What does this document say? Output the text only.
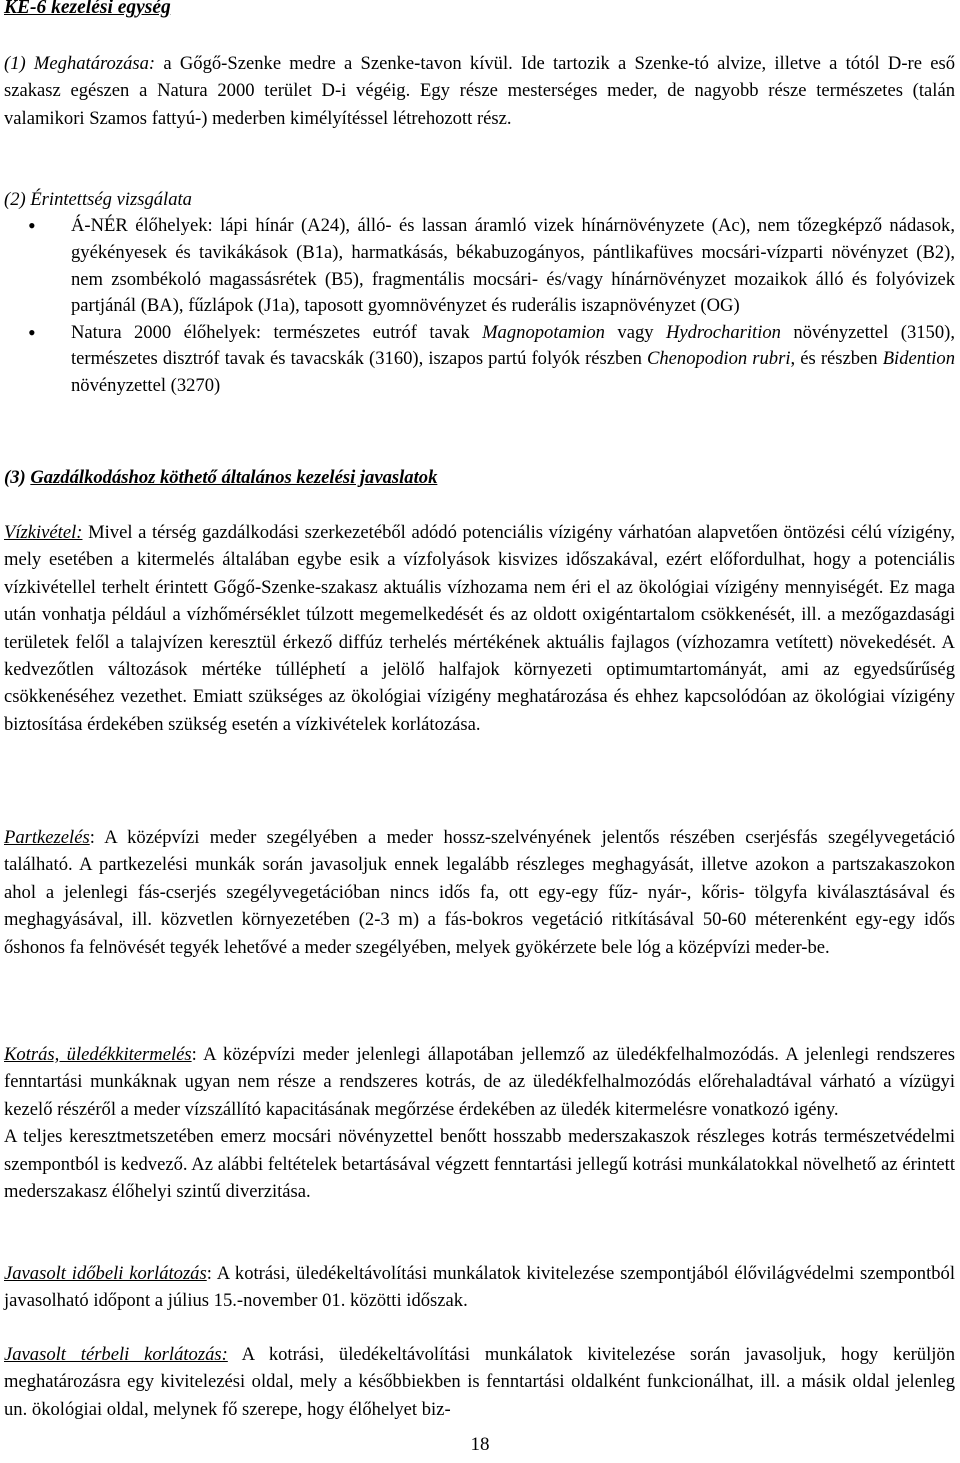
KE-6 kezelési egység

(1) Meghatározása: a Gőgő-Szenke medre a Szenke-tavon kívül. Ide tartozik a Szenke-tó alvize, illetve a tótól D-re eső szakasz egészen a Natura 2000 terület D-i végéig. Egy része mesterséges meder, de nagyobb része természetes (talán valamikori Szamos fattyú-) mederben kimélyítéssel létrehozott rész.

(2) Érintettség vizsgálata

• Á-NÉR élőhelyek: lápi hínár (A24), álló- és lassan áramló vizek hínárnövényzete (Ac), nem tőzegképző nádasok, gyékényesek és tavikákások (B1a), harmatkásás, békabuzogányos, pántlikafüves mocsári-vízparti növényzet (B2), nem zsombékoló magassásrétek (B5), fragmentális mocsári- és/vagy hínárnövényzet mozaikok álló és folyóvizek partjánál (BA), fűzlápok (J1a), taposott gyomnövényzet és ruderális iszapnövényzet (OG)
• Natura 2000 élőhelyek: természetes eutróf tavak Magnopotamion vagy Hydrocharition növényzettel (3150), természetes disztróf tavak és tavacskák (3160), iszapos partú folyók részben Chenopodion rubri, és részben Bidention növényzettel (3270)

(3) Gazdálkodáshoz köthető általános kezelési javaslatok

Vízkivétel: Mivel a térség gazdálkodási szerkezetéből adódó potenciális vízigény várhatóan alapvetően öntözési célú vízigény, mely esetében a kitermelés általában egybe esik a vízfolyások kisvizes időszakával, ezért előfordulhat, hogy a potenciális vízkivétellel terhelt érintett Gőgő-Szenke-szakasz aktuális vízhozama nem éri el az ökológiai vízigény mennyiségét. Ez maga után vonhatja például a vízhőmérséklet túlzott megemelkedését és az oldott oxigéntartalom csökkenését, ill. a mezőgazdasági területek felől a talajvízen keresztül érkező diffúz terhelés mértékének aktuális fajlagos (vízhozamra vetített) növekedését. A kedvezőtlen változások mértéke túlléphetí a jelölő halfajok környezeti optimumtartományát, ami az egyedsűrűség csökkenéséhez vezethet. Emiatt szükséges az ökológiai vízigény meghatározása és ehhez kapcsolódóan az ökológiai vízigény biztosítása érdekében szükség esetén a vízkivételek korlátozása.

Partkezelés: A középvízi meder szegélyében a meder hossz-szelvényének jelentős részében cserjésfás szegélyvegetáció található. A partkezelési munkák során javasoljuk ennek legalább részleges meghagyását, illetve azokon a partszakaszokon ahol a jelenlegi fás-cserjés szegélyvegetációban nincs idős fa, ott egy-egy fűz- nyár-, kőris- tölgyfa kiválasztásával és meghagyásával, ill. közvetlen környezetében (2-3 m) a fás-bokros vegetáció ritkításával 50-60 méterenként egy-egy idős őshonos fa felnövését tegyék lehetővé a meder szegélyében, melyek gyökérzete bele lóg a középvízi meder-be.

Kotrás, üledékkitermelés: A középvízi meder jelenlegi állapotában jellemző az üledékfelhalmozódás. A jelenlegi rendszeres fenntartási munkáknak ugyan nem része a rendszeres kotrás, de az üledékfelhalmozódás előrehaladtával várható a vízügyi kezelő részéről a meder vízszállító kapacitásának megőrzése érdekében az üledék kitermelésre vonatkozó igény.

A teljes keresztmetszetében emerz mocsári növényzettel benőtt hosszabb mederszakaszok részleges kotrás természetvédelmi szempontból is kedvező. Az alábbi feltételek betartásával végzett fenntartási jellegű kotrási munkálatokkal növelhető az érintett mederszakasz élőhelyi szintű diverzitása.

Javasolt időbeli korlátozás: A kotrási, üledékeltávolítási munkálatok kivitelezése szempontjából élővilágvédelmi szempontból javasolható időpont a július 15.-november 01. közötti időszak.

Javasolt térbeli korlátozás: A kotrási, üledékeltávolítási munkálatok kivitelezése során javasoljuk, hogy kerüljön meghatározásra egy kivitelezési oldal, mely a későbbiekben is fenntartási oldalként funkcionálhat, ill. a másik oldal jelenleg un. ökológiai oldal, melynek fő szerepe, hogy élőhelyet biz-

18
